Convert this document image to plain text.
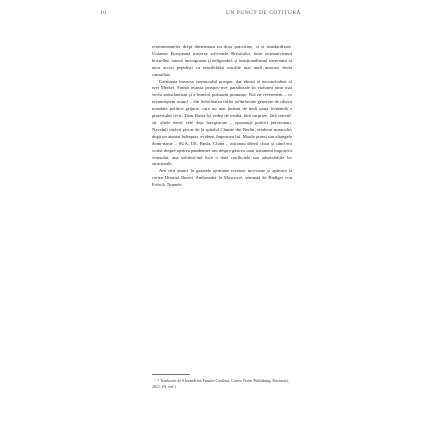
10	UN PUNCT DE COTITURĂ

resentimentelor drept dimensiuni nu doar practicate, ci și standardizate. Uniunea Europeană traversa schi-mele Brexitului, între normativismul bruxellez, uneori incongruent și neligerabil, și funcționalismul suveranist al unor actori populiști cu sensibilități rusofile mai mult marcate decât camuflate.

Germania traversa crepusculul prosper, dar obosit și neconcludent al erei Merkel. Franța avansa perspec-tive paradoxale în viziunea unui mai vechi antiatlantism și a înnoirii pulsiunii pronunțe. Noi ne revenearm – ce recunoaștem acum! – din fiebrilitatea tirilor neîncheiate generate de câteva mandate politice grijuite, care nu mai ținteau de mult piața fremândă a protestului civic. Doar Rusia își vedea de treabă, fără surprize, fără convul-sii, altele decât cele deja înregistrate – opozanții politici persecutați, Navalnîi otrăvit plecat de la spitalul Charité din Berlin, vindecat miraculos după un atentat îndreptat, evident, împotriva lui. Marile puteri sau aliangele domi-nante – SUA, UE, Rusia, China – acționau diferit chiar și când era vorba despre oprirea pandemiei sau despre găsirea unui tratament împotriva virusului, ana sublinii-ind încă o dată conflictele sau adversitățile lor structurale.

Am citit atunci în gazetele germane recenzii inci-tante și aplicate la cartea Drumul Rusiei. Ambasador la Moscova¹, semnată de Rüdiger von Fritsch. Numele

¹ Traducere de Alexandrina Panaite-Cardona, Cartea Veche Publishing, București, 2021. (N. red.)
